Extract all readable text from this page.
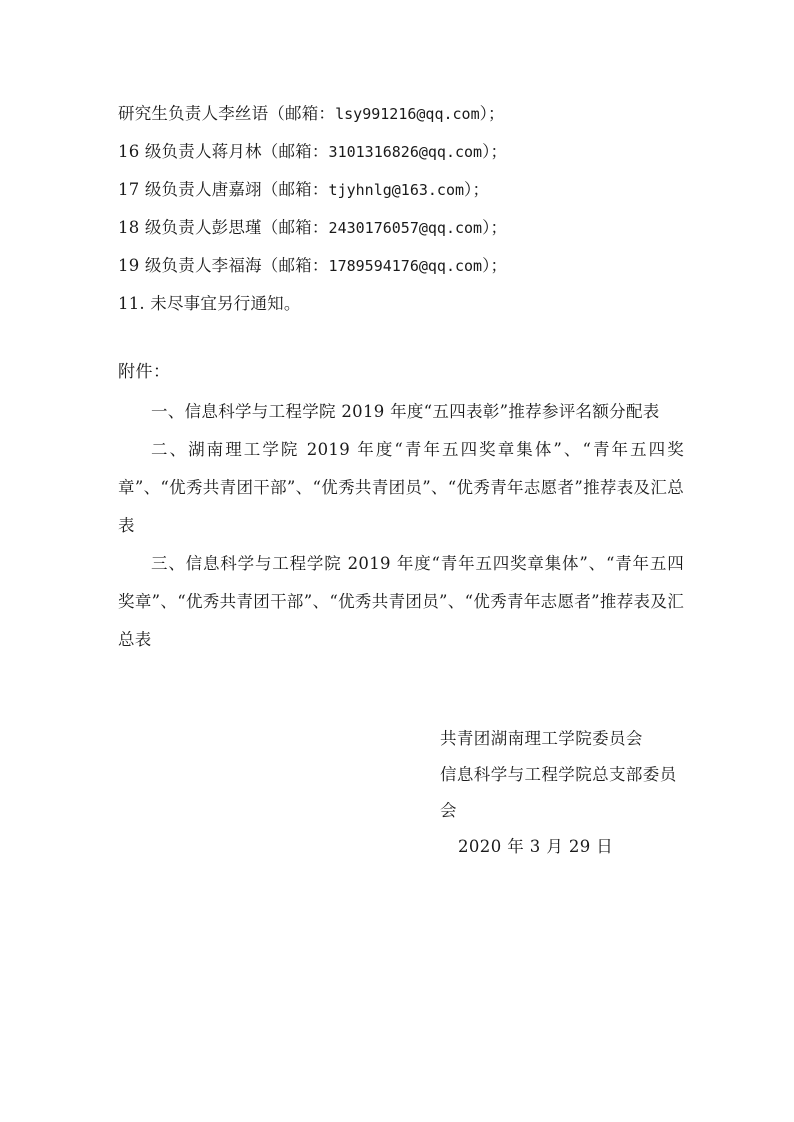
研究生负责人李丝语（邮箱：lsy991216@qq.com）；
16 级负责人蒋月林（邮箱：3101316826@qq.com）；
17 级负责人唐嘉翊（邮箱：tjyhnlg@163.com）；
18 级负责人彭思瑾（邮箱：2430176057@qq.com）；
19 级负责人李福海（邮箱：1789594176@qq.com）；
11. 未尽事宜另行通知。
附件：
一、信息科学与工程学院 2019 年度“五四表彰”推荐参评名额分配表
二、湖南理工学院 2019 年度“青年五四奖章集体”、“青年五四奖章”、“优秀共青团干部”、“优秀共青团员”、“优秀青年志愿者”推荐表及汇总表
三、信息科学与工程学院 2019 年度“青年五四奖章集体”、“青年五四奖章”、“优秀共青团干部”、“优秀共青团员”、“优秀青年志愿者”推荐表及汇总表
共青团湖南理工学院委员会
信息科学与工程学院总支部委员会
2020 年 3 月 29 日
